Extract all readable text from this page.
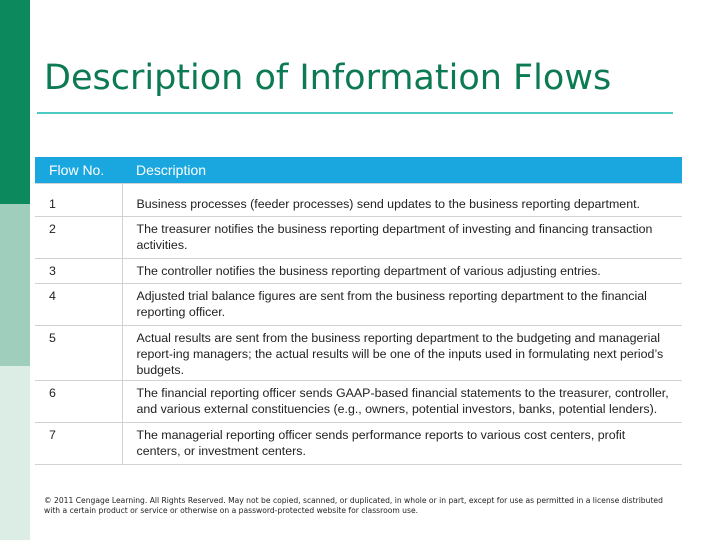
Description of Information Flows
Flow No.	Description
1	Business processes (feeder processes) send updates to the business reporting department.
2	The treasurer notifies the business reporting department of investing and financing transaction activities.
3	The controller notifies the business reporting department of various adjusting entries.
4	Adjusted trial balance figures are sent from the business reporting department to the financial reporting officer.
5	Actual results are sent from the business reporting department to the budgeting and managerial report-ing managers; the actual results will be one of the inputs used in formulating next period’s budgets.
6	The financial reporting officer sends GAAP-based financial statements to the treasurer, controller, and various external constituencies (e.g., owners, potential investors, banks, potential lenders).
7	The managerial reporting officer sends performance reports to various cost centers, profit centers, or investment centers.
© 2011 Cengage Learning. All Rights Reserved. May not be copied, scanned, or duplicated, in whole or in part, except for use as permitted in a license distributed with a certain product or service or otherwise on a password-protected website for classroom use.
